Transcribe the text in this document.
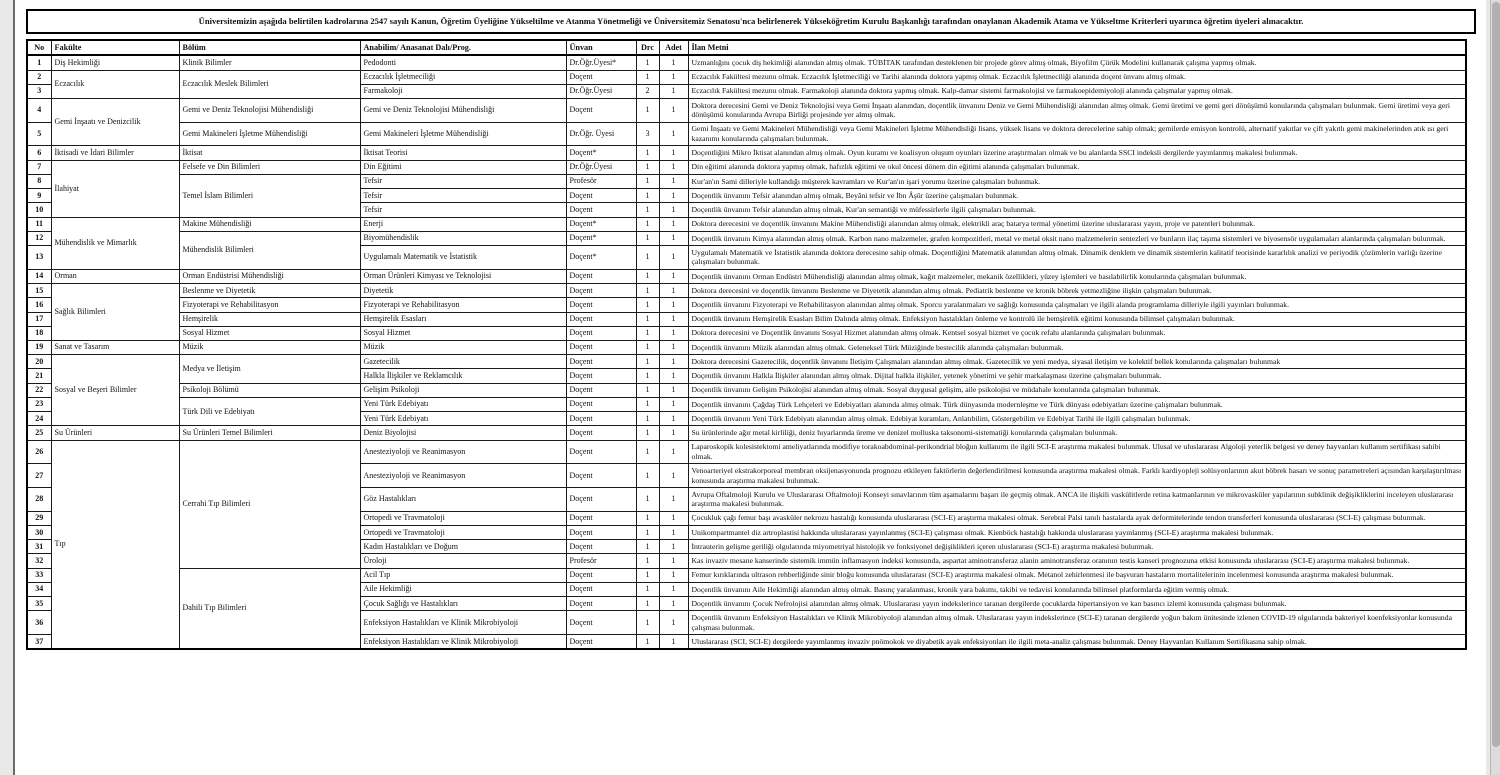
Üniversitemizin aşağıda belirtilen kadrolarına 2547 sayılı Kanun, Öğretim Üyeliğine Yükseltilme ve Atanma Yönetmeliği ve Üniversitemiz Senatosu'nca belirlenerek Yükseköğretim Kurulu Başkanlığı tarafından onaylanan Akademik Atama ve Yükseltme Kriterleri uyarınca öğretim üyeleri alınacaktır.
No	Fakülte	Bölüm	Anabilim/ Anasanat Dalı/Prog.	Ünvan	Drc	Adet	İlan Metni
1	Diş Hekimliği	Klinik Bilimler	Pedodonti	Dr.Öğr.Üyesi*	1	1	Uzmanlığını çocuk diş hekimliği alanından almış olmak. TÜBİTAK tarafından desteklenen bir projede görev almış olmak, Biyofilm Çürük Modelini kullanarak çalışma yapmış olmak.
2	Eczacılık	Eczacılık Meslek Bilimleri	Eczacılık İşletmeciliği	Doçent	1	1	Eczacılık Fakültesi mezunu olmak. Eczacılık İşletmeciliği ve Tarihi alanında doktora yapmış olmak. Eczacılık İşletmeciliği alanında doçent ünvanı almış olmak.
3			Farmakoloji	Dr.Öğr.Üyesi	2	1	Eczacılık Fakültesi mezunu olmak. Farmakoloji alanında doktora yapmış olmak. Kalp-damar sistemi farmakolojisi ve farmakoepidemiyoloji alanında çalışmalar yapmış olmak.
4	Gemi İnşaatı ve Denizcilik	Gemi ve Deniz Teknolojisi Mühendisliği	Gemi ve Deniz Teknolojisi Mühendisliği	Doçent	1	1	Doktora derecesini Gemi ve Deniz Teknolojisi veya Gemi İnşaatı alanından, doçentlik ünvanını Deniz ve Gemi Mühendisliği alanından almış olmak. Gemi üretimi ve gemi geri dönüşümü konularında çalışmaları bulunmak. Gemi üretimi veya geri dönüşümü konularında Avrupa Birliği projesinde yer almış olmak.
5		Gemi Makineleri İşletme Mühendisliği	Gemi Makineleri İşletme Mühendisliği	Dr.Öğr. Üyesi	3	1	Gemi İnşaatı ve Gemi Makineleri Mühendisliği veya Gemi Makineleri İşletme Mühendisliği lisans, yüksek lisans ve doktora derecelerine sahip olmak; gemilerde emisyon kontrolü, alternatif yakıtlar ve çift yakıtlı gemi makinelerinden atık ısı geri kazanımı konularında çalışmaları bulunmak.
6	İktisadi ve İdari Bilimler	İktisat	İktisat Teorisi	Doçent*	1	1	Doçentliğini Mikro İktisat alanından almış olmak. Oyun kuramı ve koalisyon oluşum oyunları üzerine araştırmaları olmak ve bu alanlarda SSCI indeksli dergilerde yayınlanmış makalesi bulunmak.
7	İlahiyat	Felsefe ve Din Bilimleri	Din Eğitimi	Dr.Öğr.Üyesi	1	1	Din eğitimi alanında doktora yapmış olmak, hafızlık eğitimi ve okul öncesi dönem din eğitimi alanında çalışmaları bulunmak.
8		Temel İslam Bilimleri	Tefsir	Profesör	1	1	Kur'an'ın Sami dilleriyle kullandığı müşterek kavramları ve Kur'an'ın işari yorumu üzerine çalışmaları bulunmak.
9			Tefsir	Doçent	1	1	Doçentlik ünvanını Tefsir alanından almış olmak, Beyâni tefsir ve İbn Âşûr üzerine çalışmaları bulunmak.
10			Tefsir	Doçent	1	1	Doçentlik ünvanını Tefsir alanından almış olmak, Kur'an semantiği ve müfessirlerle ilgili çalışmaları bulunmak.
11	Mühendislik ve Mimarlık	Makine Mühendisliği	Enerji	Doçent*	1	1	Doktora derecesini ve doçentlik ünvanını Makine Mühendisliği alanından almış olmak, elektrikli araç batarya termal yönetimi üzerine uluslararası yayın, proje ve patentleri bulunmak.
12		Mühendislik Bilimleri	Biyomühendislik	Doçent*	1	1	Doçentlik ünvanını Kimya alanından almış olmak. Karbon nano malzemeler, grafen kompozitleri, metal ve metal oksit nano malzemelerin sentezleri ve bunların ilaç taşıma sistemleri ve biyosensör uygulamaları alanlarında çalışmaları bulunmak.
13			Uygulamalı Matematik ve İstatistik	Doçent*	1	1	Uygulamalı Matematik ve İstatistik alanında doktora derecesine sahip olmak. Doçentliğini Matematik alanından almış olmak. Dinamik denklem ve dinamik sistemlerin kalitatif teorisinde kararlılık analizi ve periyodik çözümlerin varlığı üzerine çalışmaları bulunmak.
14	Orman	Orman Endüstrisi Mühendisliği	Orman Ürünleri Kimyası ve Teknolojisi	Doçent	1	1	Doçentlik ünvanını Orman Endüstri Mühendisliği alanından almış olmak, kağıt malzemeler, mekanik özellikleri, yüzey işlemleri ve basılabilirlik konularında çalışmaları bulunmak.
15	Sağlık Bilimleri	Beslenme ve Diyetetik	Diyetetik	Doçent	1	1	Doktora derecesini ve doçentlik ünvanını Beslenme ve Diyetetik alanından almış olmak. Pediatrik beslenme ve kronik böbrek yetmezliğine ilişkin çalışmaları bulunmak.
16		Fizyoterapi ve Rehabilitasyon	Fizyoterapi ve Rehabilitasyon	Doçent	1	1	Doçentlik ünvanını Fizyoterapi ve Rehabilitasyon alanından almış olmak. Sporcu yaralanmaları ve sağlığı konusunda çalışmaları ve ilgili alanda programlama dilleriyle ilgili yayınları bulunmak.
17		Hemşirelik	Hemşirelik Esasları	Doçent	1	1	Doçentlik ünvanını Hemşirelik Esasları Bilim Dalında almış olmak. Enfeksiyon hastalıkları önleme ve kontrolü ile hemşirelik eğitimi konusunda bilimsel çalışmaları bulunmak.
18		Sosyal Hizmet	Sosyal Hizmet	Doçent	1	1	Doktora derecesini ve Doçentlik ünvanını Sosyal Hizmet alanından almış olmak. Kentsel sosyal hizmet ve çocuk refahı alanlarında çalışmaları bulunmak.
19	Sanat ve Tasarım	Müzik	Müzik	Doçent	1	1	Doçentlik ünvanını Müzik alanından almış olmak. Geleneksel Türk Müziğinde bestecilik alanında çalışmaları bulunmak.
20	Sosyal ve Beşeri Bilimler	Medya ve İletişim	Gazetecilik	Doçent	1	1	Doktora derecesini Gazetecilik, doçentlik ünvanını İletişim Çalışmaları alanından almış olmak. Gazetecilik ve yeni medya, siyasal iletişim ve kolektif bellek konularında çalışmaları bulunmak
21			Halkla İlişkiler ve Reklamcılık	Doçent	1	1	Doçentlik ünvanını Halkla İlişkiler alanından almış olmak. Dijital halkla ilişkiler, yetenek yönetimi ve şehir markalaşması üzerine çalışmaları bulunmak.
22		Psikoloji Bölümü	Gelişim Psikoloji	Doçent	1	1	Doçentlik ünvanını Gelişim Psikolojisi alanından almış olmak. Sosyal duygusal gelişim, aile psikolojisi ve müdahale konularında çalışmaları bulunmak.
23		Türk Dili ve Edebiyatı	Yeni Türk Edebiyatı	Doçent	1	1	Doçentlik ünvanını Çağdaş Türk Lehçeleri ve Edebiyatları alanında almış olmak. Türk dünyasında modernleşme ve Türk dünyası edebiyatları üzerine çalışmaları bulunmak.
24			Yeni Türk Edebiyatı	Doçent	1	1	Doçentlik ünvanını Yeni Türk Edebiyatı alanından almış olmak. Edebiyat kuramları, Anlatıbilim, Göstergebilim ve Edebiyat Tarihi ile ilgili çalışmaları bulunmak.
25	Su Ürünleri	Su Ürünleri Temel Bilimleri	Deniz Biyolojisi	Doçent	1	1	Su ürünlerinde ağır metal kirliliği, deniz hıyarlarında üreme ve denizel molluska taksonomi-sistematiği konularında çalışmaları bulunmak.
26	Tıp	Cerrahi Tıp Bilimleri	Anesteziyoloji ve Reanimasyon	Doçent	1	1	Laparoskopik kolesistektomi ameliyatlarında modifiye torakoabdominal-perikondrial bloğun kullanımı ile ilgili SCI-E araştırma makalesi bulunmak. Ulusal ve uluslararası Algoloji yeterlik belgesi ve deney hayvanları kullanım sertifikası sahibi olmak.
27			Anesteziyoloji ve Reanimasyon	Doçent	1	1	Venoarteriyel ekstrakorporeal membran oksijenasyonunda prognozu etkileyen faktörlerin değerlendirilmesi konusunda araştırma makalesi olmak. Farklı kardiyopleji solüsyonlarının akut böbrek hasarı ve sonuç parametreleri açısından karşılaştırılması konusunda araştırma makalesi bulunmak.
28			Göz Hastalıkları	Doçent	1	1	Avrupa Oftalmoloji Kurulu ve Uluslararası Oftalmoloji Konseyi sınavlarının tüm aşamalarını başarı ile geçmiş olmak. ANCA ile ilişkili vaskülitlerde retina katmanlarının ve mikrovasküler yapılarının subklinik değişikliklerini inceleyen uluslararası araştırma makalesi bulunmak.
29			Ortopedi ve Travmatoloji	Doçent	1	1	Çocukluk çağı femur başı avasküler nekrozu hastalığı konusunda uluslararası (SCI-E) araştırma makalesi olmak. Serebral Palsi tanılı hastalarda ayak deformitelerinde tendon transferleri konusunda uluslararası (SCI-E) çalışması bulunmak.
30			Ortopedi ve Travmatoloji	Doçent	1	1	Unikompartmantel diz artroplastisi hakkında uluslararası yayınlanmış (SCI-E) çalışması olmak. Kienböck hastalığı hakkında uluslararası yayınlanmış (SCI-E) araştırma makalesi bulunmak.
31			Kadın Hastalıkları ve Doğum	Doçent	1	1	İntrauterin gelişme geriliği olgularında miyometriyal histolojik ve fonksiyonel değişiklikleri içeren uluslararası (SCI-E) araştırma makalesi bulunmak.
32			Üroloji	Profesör	1	1	Kas invaziv mesane kanserinde sistemik immün inflamasyon indeksi konusunda, aspartat aminotransferaz alanin aminotransferaz oranının testis kanseri prognozuna etkisi konusunda uluslararası (SCI-E) araştırma makalesi bulunmak.
33		Dahili Tıp Bilimleri	Acil Tıp	Doçent	1	1	Femur kırıklarında ultrason rehberliğinde sinir bloğu konusunda uluslararası (SCI-E) araştırma makalesi olmak. Metanol zehirlenmesi ile başvuran hastaların mortalitelerinin incelenmesi konusunda araştırma makalesi bulunmak.
34			Aile Hekimliği	Doçent	1	1	Doçentlik ünvanını Aile Hekimliği alanından almış olmak. Basınç yaralanması, kronik yara bakımı, takibi ve tedavisi konularında bilimsel platformlarda eğitim vermiş olmak.
35			Çocuk Sağlığı ve Hastalıkları	Doçent	1	1	Doçentlik ünvanını Çocuk Nefrolojisi alanından almış olmak. Uluslararası yayın indekslerince taranan dergilerde çocuklarda hipertansiyon ve kan basıncı izlemi konusunda çalışması bulunmak.
36			Enfeksiyon Hastalıkları ve Klinik Mikrobiyoloji	Doçent	1	1	Doçentlik ünvanını Enfeksiyon Hastalıkları ve Klinik Mikrobiyoloji alanından almış olmak. Uluslararası yayın indekslerince (SCI-E) taranan dergilerde yoğun bakım ünitesinde izlenen COVID-19 olgularında bakteriyel koenfeksiyonlar konusunda çalışması bulunmak.
37			Enfeksiyon Hastalıkları ve Klinik Mikrobiyoloji	Doçent	1	1	Uluslararası (SCI, SCI-E) dergilerde yayımlanmış invaziv pnömokok ve diyabetik ayak enfeksiyonları ile ilgili meta-analiz çalışması bulunmak. Deney Hayvanları Kullanım Sertifikasına sahip olmak.
